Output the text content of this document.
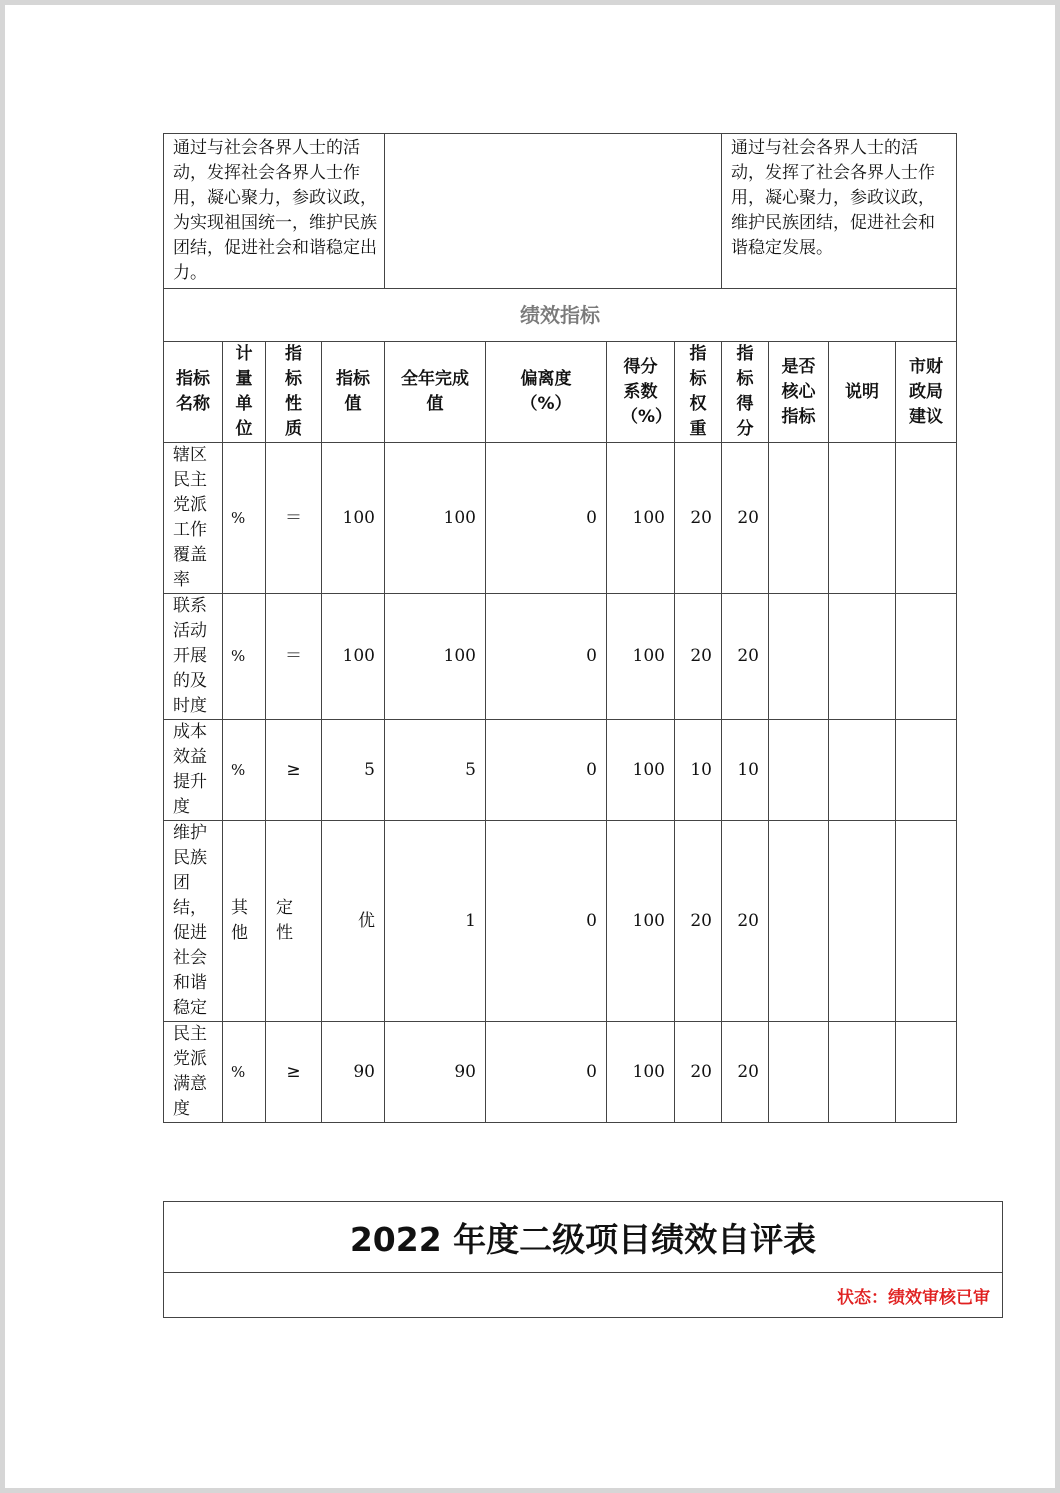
通过与社会各界人士的活动，发挥社会各界人士作用，凝心聚力，参政议政，为实现祖国统一，维护民族团结，促进社会和谐稳定出力。								通过与社会各界人士的活动，发挥了社会各界人士作用，凝心聚力，参政议政，维护民族团结，促进社会和谐稳定发展。			
绩效指标											
指标名称	计量单位	指标性质	指标值	全年完成值	偏离度（%）	得分系数（%）	指标权重	指标得分	是否核心指标	说明	市财政局建议
辖区民主党派工作覆盖率	%	＝	100	100	0	100	20	20			
联系活动开展的及时度	%	＝	100	100	0	100	20	20			
成本效益提升度	%	≥	5	5	0	100	10	10			
维护民族团结，促进社会和谐稳定	其他	定性	优	1	0	100	20	20			
民主党派满意度	%	≥	90	90	0	100	20	20			
2022 年度二级项目绩效自评表
状态：绩效审核已审
